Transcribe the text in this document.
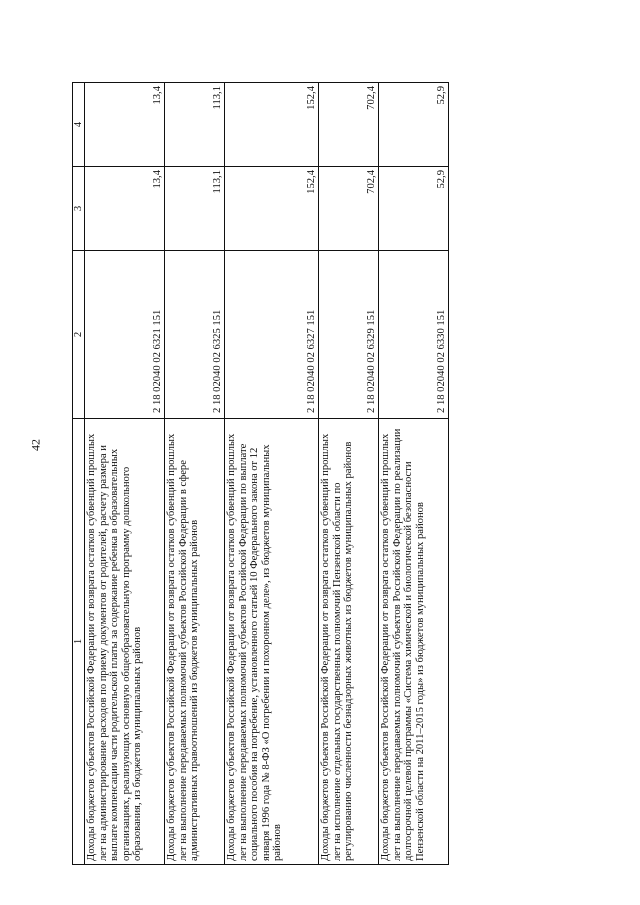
42
1	2	3	4
Доходы бюджетов субъектов Российской Федерации от возврата остатков субвенций прошлых лет на администрирование расходов по приему документов от родителей, расчету размера и выплате компенсации части родительской платы за содержание ребенка в образовательных организациях, реализующих основную общеобразовательную программу дошкольного образования, из бюджетов муниципальных районов	2 18 02040 02 6321 151	13,4	13,4
Доходы бюджетов субъектов Российской Федерации от возврата остатков субвенций прошлых лет на выполнение передаваемых полномочий субъектов Российской Федерации в сфере административных правоотношений из бюджетов муниципальных районов	2 18 02040 02 6325 151	113,1	113,1
Доходы бюджетов субъектов Российской Федерации от возврата остатков субвенций прошлых лет на выполнение передаваемых полномочий субъектов Российской Федерации по выплате социального пособия на погребение, установленного статьей 10 Федерального закона от 12 января 1996 года № 8-ФЗ «О погребении и похоронном деле», из бюджетов муниципальных районов	2 18 02040 02 6327 151	152,4	152,4
Доходы бюджетов субъектов Российской Федерации от возврата остатков субвенций прошлых лет на исполнение отдельных государственных полномочий Пензенской области по регулированию численности безнадзорных животных из бюджетов муниципальных районов	2 18 02040 02 6329 151	702,4	702,4
Доходы бюджетов субъектов Российской Федерации от возврата остатков субвенций прошлых лет на выполнение передаваемых полномочий субъектов Российской Федерации по реализации долгосрочной целевой программы «Система химической и биологической безопасности Пензенской области на 2011–2015 годы» из бюджетов муниципальных районов	2 18 02040 02 6330 151	52,9	52,9
